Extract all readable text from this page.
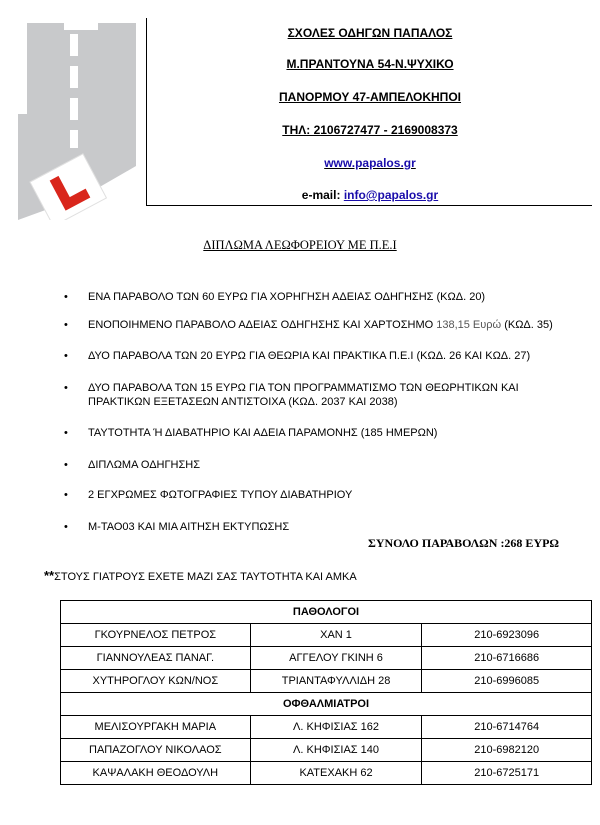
ΣΧΟΛΕΣ ΟΔΗΓΩΝ ΠΑΠΑΛΟΣ
Μ.ΠΡΑΝΤΟΥΝΑ 54-Ν.ΨΥΧΙΚΟ
ΠΑΝΟΡΜΟΥ 47-ΑΜΠΕΛΟΚΗΠΟΙ
ΤΗΛ: 2106727477 - 2169008373
www.papalos.gr
e-mail: info@papalos.gr
ΔΙΠΛΩΜΑ ΛΕΩΦΟΡΕΙΟΥ ΜΕ Π.Ε.Ι
• ΕΝΑ ΠΑΡΑΒΟΛΟ ΤΩΝ 60 ΕΥΡΩ ΓΙΑ ΧΟΡΗΓΗΣΗ ΑΔΕΙΑΣ ΟΔΗΓΗΣΗΣ (ΚΩΔ. 20)
• ΕΝΟΠΟΙΗΜΕΝΟ ΠΑΡΑΒΟΛΟ ΑΔΕΙΑΣ ΟΔΗΓΗΣΗΣ ΚΑΙ ΧΑΡΤΟΣΗΜΟ 138,15 Ευρώ (ΚΩΔ. 35)
• ΔΥΟ ΠΑΡΑΒΟΛΑ ΤΩΝ 20 ΕΥΡΩ ΓΙΑ ΘΕΩΡΙΑ ΚΑΙ ΠΡΑΚΤΙΚΑ Π.Ε.Ι (ΚΩΔ. 26 ΚΑΙ ΚΩΔ. 27)
• ΔΥΟ ΠΑΡΑΒΟΛΑ ΤΩΝ 15 ΕΥΡΩ ΓΙΑ ΤΟΝ ΠΡΟΓΡΑΜΜΑΤΙΣΜΟ ΤΩΝ ΘΕΩΡΗΤΙΚΩΝ ΚΑΙ ΠΡΑΚΤΙΚΩΝ ΕΞΕΤΑΣΕΩΝ ΑΝΤΙΣΤΟΙΧΑ (ΚΩΔ. 2037 ΚΑΙ 2038)
• ΤΑΥΤΟΤΗΤΑ Ή ΔΙΑΒΑΤΗΡΙΟ ΚΑΙ ΑΔΕΙΑ ΠΑΡΑΜΟΝΗΣ (185 ΗΜΕΡΩΝ)
• ΔΙΠΛΩΜΑ ΟΔΗΓΗΣΗΣ
• 2 ΕΓΧΡΩΜΕΣ ΦΩΤΟΓΡΑΦΙΕΣ ΤΥΠΟΥ ΔΙΑΒΑΤΗΡΙΟΥ
• Μ-ΤΑΟ03 ΚΑΙ ΜΙΑ ΑΙΤΗΣΗ ΕΚΤΥΠΩΣΗΣ
ΣΥΝΟΛΟ ΠΑΡΑΒΟΛΩΝ :268 ΕΥΡΩ
**ΣΤΟΥΣ ΓΙΑΤΡΟΥΣ ΕΧΕΤΕ ΜΑΖΙ ΣΑΣ ΤΑΥΤΟΤΗΤΑ ΚΑΙ ΑΜΚΑ
ΠΑΘΟΛΟΓΟΙ		
ΓΚΟΥΡΝΕΛΟΣ ΠΕΤΡΟΣ	ΧΑΝ 1	210-6923096
ΓΙΑΝΝΟΥΛΕΑΣ ΠΑΝΑΓ.	ΑΓΓΕΛΟΥ ΓΚΙΝΗ 6	210-6716686
ΧΥΤΗΡΟΓΛΟΥ ΚΩΝ/ΝΟΣ	ΤΡΙΑΝΤΑΦΥΛΛΙΔΗ 28	210-6996085
ΟΦΘΑΛΜΙΑΤΡΟΙ		
ΜΕΛΙΣΟΥΡΓΑΚΗ ΜΑΡΙΑ	Λ. ΚΗΦΙΣΙΑΣ 162	210-6714764
ΠΑΠΑΖΟΓΛΟΥ ΝΙΚΟΛΑΟΣ	Λ. ΚΗΦΙΣΙΑΣ 140	210-6982120
ΚΑΨΑΛΑΚΗ ΘΕΟΔΟΥΛΗ	ΚΑΤΕΧΑΚΗ 62	210-6725171
